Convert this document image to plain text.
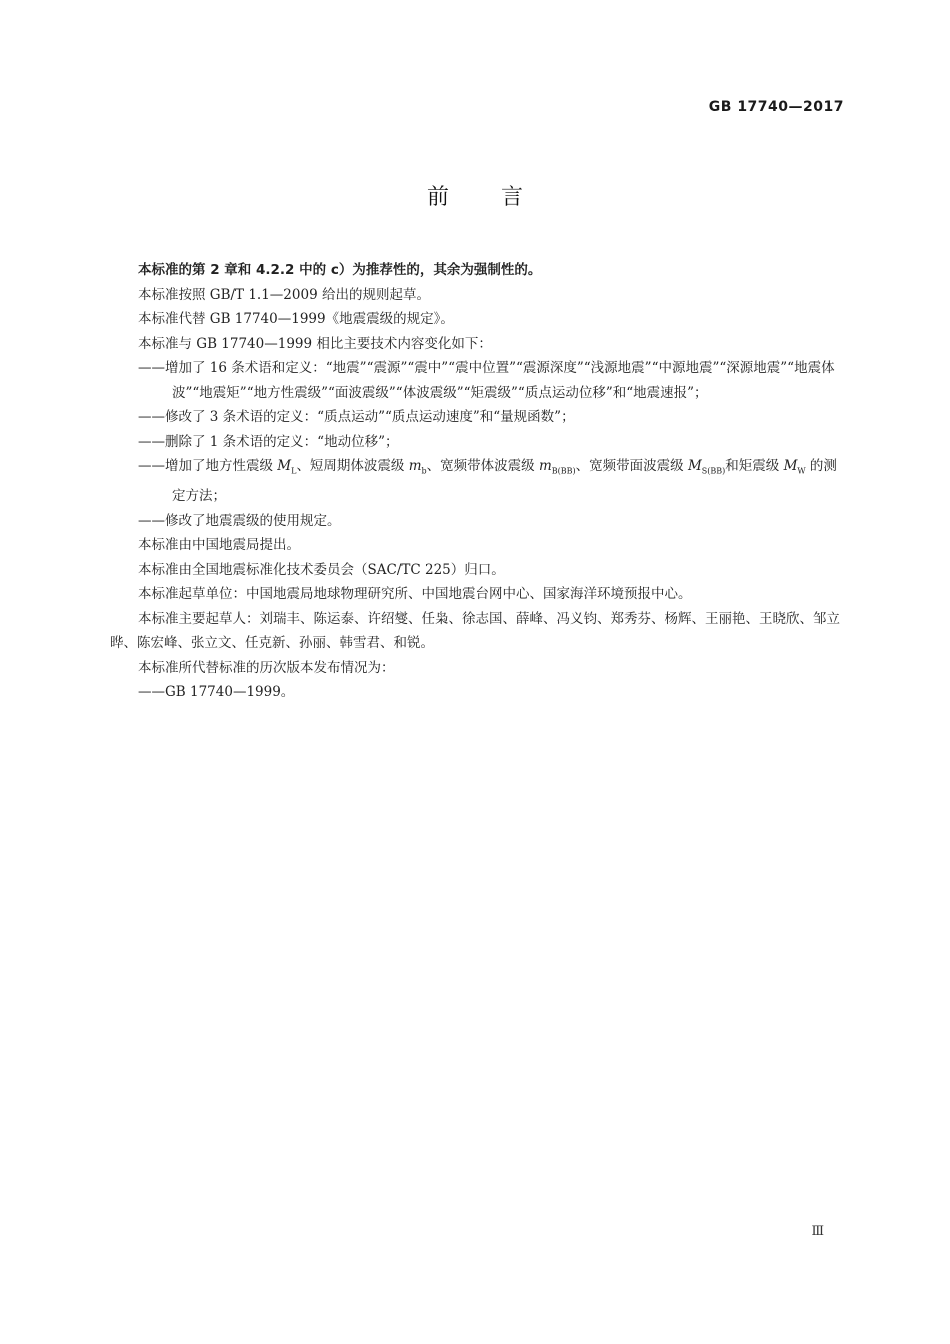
GB 17740—2017
前言

本标准的第 2 章和 4.2.2 中的 c）为推荐性的，其余为强制性的。

本标准按照 GB/T 1.1—2009 给出的规则起草。

本标准代替 GB 17740—1999《地震震级的规定》。

本标准与 GB 17740—1999 相比主要技术内容变化如下：

——增加了 16 条术语和定义：“地震”“震源”“震中”“震中位置”“震源深度”“浅源地震”“中源地震”“深源地震”“地震体波”“地震矩”“地方性震级”“面波震级”“体波震级”“矩震级”“质点运动位移”和“地震速报”；

——修改了 3 条术语的定义：“质点运动”“质点运动速度”和“量规函数”；

——删除了 1 条术语的定义：“地动位移”；

——增加了地方性震级 $M_L$、短周期体波震级 $m_b$、宽频带体波震级 $m_{B(BB)}$、宽频带面波震级 $M_{S(BB)}$和矩震级 $M_W$ 的测定方法；

——修改了地震震级的使用规定。

本标准由中国地震局提出。

本标准由全国地震标准化技术委员会（SAC/TC 225）归口。

本标准起草单位：中国地震局地球物理研究所、中国地震台网中心、国家海洋环境预报中心。

本标准主要起草人：刘瑞丰、陈运泰、许绍燮、任枭、徐志国、薛峰、冯义钧、郑秀芬、杨辉、王丽艳、王晓欣、邹立晔、陈宏峰、张立文、任克新、孙丽、韩雪君、和锐。

本标准所代替标准的历次版本发布情况为：

——GB 17740—1999。

Ⅲ
